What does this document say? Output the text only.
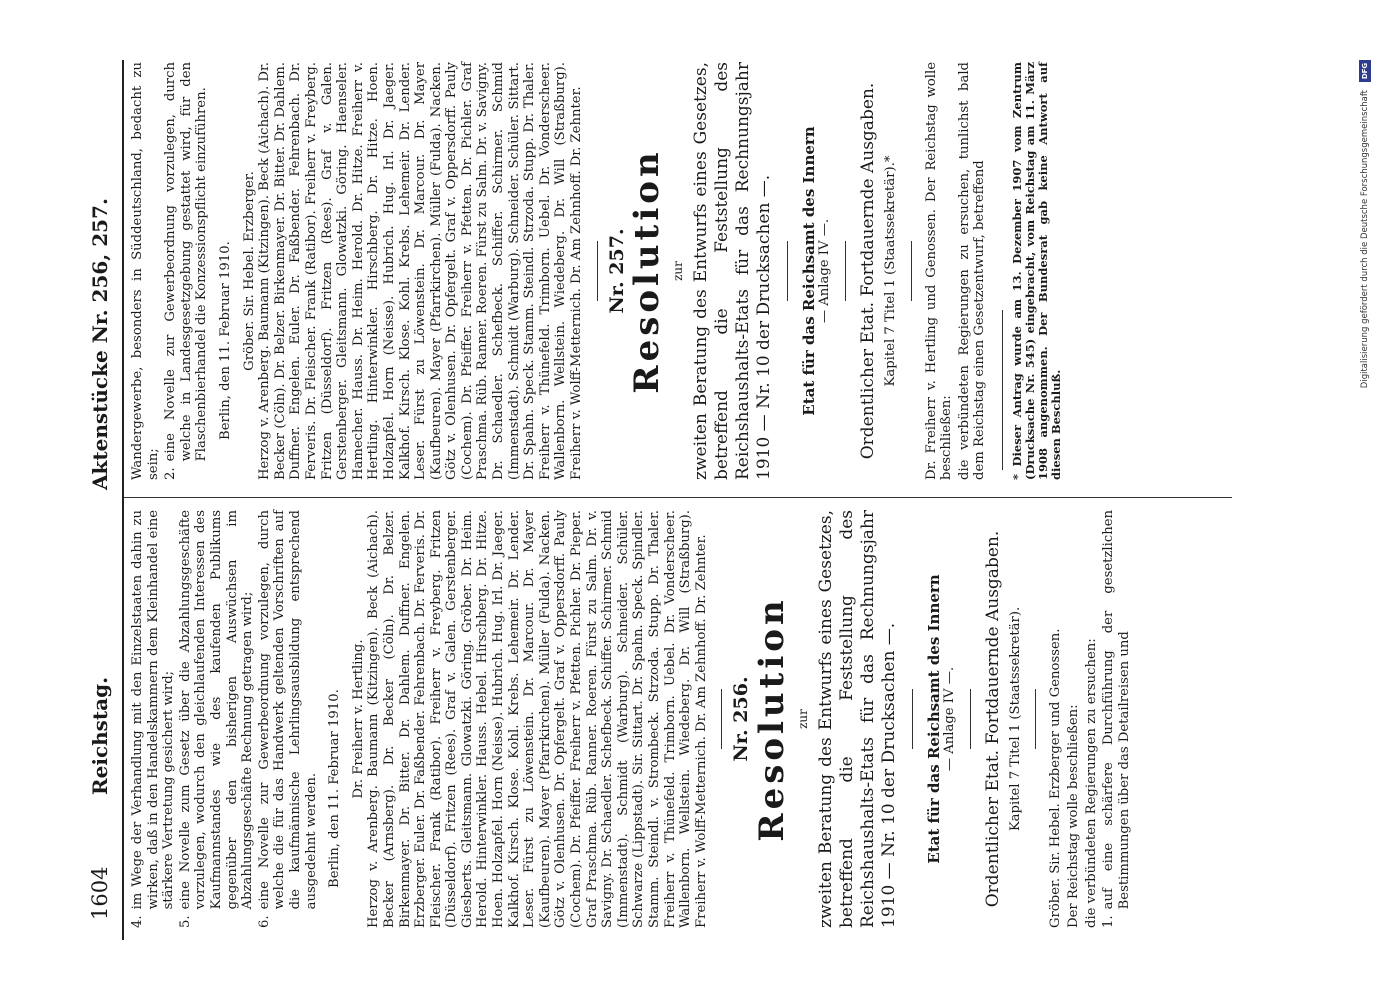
1604
Reichstag.
Aktenstücke Nr. 256, 257.
4.
im Wege der Verhandlung mit den Einzelstaaten dahin zu wirken, daß in den Handelskammern dem Kleinhandel eine stärkere Vertretung gesichert wird;
5.
eine Novelle zum Gesetz über die Abzahlungsgeschäfte vorzulegen, wodurch den gleichlaufenden Interessen des Kaufmannstandes wie des kaufenden Publikums gegenüber den bisherigen Auswüchsen im Abzahlungsgeschäfte Rechnung getragen wird;
6.
eine Novelle zur Gewerbeordnung vorzulegen, durch welche die für das Handwerk geltenden Vorschriften auf die kaufmännische Lehrlingsausbildung entsprechend ausgedehnt werden. Berlin, den 11. Februar 1910. Dr. Freiherr v. Hertling. Herzog v. Arenberg. Baumann (Kitzingen). Beck (Aichach). Becker (Arnsberg). Dr. Becker (Cöln). Dr. Belzer. Birkenmayer. Dr. Bitter. Dr. Dahlem. Duffner. Engelen. Erzberger. Euler. Dr. Faßbender. Fehrenbach. Dr. Ferveris. Dr. Fleischer. Frank (Ratibor). Freiherr v. Freyberg. Fritzen (Düsseldorf). Fritzen (Rees). Graf v. Galen. Gerstenberger. Giesberts. Gleitsmann. Glowatzki. Göring. Gröber. Dr. Heim. Herold. Hinterwinkler. Hauss. Hebel. Hirschberg. Dr. Hitze. Hoen. Holzapfel. Horn (Neisse). Hubrich. Hug. Irl. Dr. Jaeger. Kalkhof. Kirsch. Klose. Kohl. Krebs. Lehemeir. Dr. Lender. Leser. Fürst zu Löwenstein. Dr. Marcour. Dr. Mayer (Kaufbeuren). Mayer (Pfarrkirchen). Müller (Fulda). Nacken. Götz v. Olenhusen. Dr. Opfergelt. Graf v. Oppersdorff. Pauly (Cochem). Dr. Pfeiffer. Freiherr v. Pfetten. Pichler. Dr. Pieper. Graf Praschma. Rüb. Ranner. Roeren. Fürst zu Salm. Dr. v. Savigny. Dr. Schaedler. Schefbeck. Schiffer. Schirmer. Schmid (Immenstadt). Schmidt (Warburg). Schneider. Schüler. Schwarze (Lippstadt). Sir. Sittart. Dr. Spahn. Speck. Spindler. Stamm. Steindl. v. Strombeck. Strzoda. Stupp. Dr. Thaler. Freiherr v. Thünefeld. Trimborn. Uebel. Dr. Vonderscheer. Wallenborn. Wellstein. Wiedeberg. Dr. Will (Straßburg). Freiherr v. Wolff-Metternich. Dr. Am Zehnhoff. Dr. Zehnter. Nr. 256. Resolution zur zweiten Beratung des Entwurfs eines Gesetzes, betreffend die Feststellung des Reichshaushalts-Etats für das Rechnungsjahr 1910 — Nr. 10 der Drucksachen —. Etat für das Reichsamt des Innern — Anlage IV —. Ordentlicher Etat. Fortdauernde Ausgaben. Kapitel 7 Titel 1 (Staatssekretär). Gröber. Sir. Hebel. Erzberger und Genossen. Der Reichstag wolle beschließen: die verbündeten Regierungen zu ersuchen: 1.
auf eine schärfere Durchführung der gesetzlichen Bestimmungen über das Detailreisen und

Wandergewerbe, besonders in Süddeutschland, bedacht zu sein; 2.
eine Novelle zur Gewerbeordnung vorzulegen, durch welche in Landesgesetzgebung gestattet wird, für den Flaschenbierhandel die Konzessionspflicht einzuführen. Berlin, den 11. Februar 1910. Gröber. Sir. Hebel. Erzberger. Herzog v. Arenberg. Baumann (Kitzingen). Beck (Aichach). Dr. Becker (Cöln). Dr. Belzer. Birkenmayer. Dr. Bitter. Dr. Dahlem. Duffner. Engelen. Euler. Dr. Faßbender. Fehrenbach. Dr. Ferveris. Dr. Fleischer. Frank (Ratibor). Freiherr v. Freyberg. Fritzen (Düsseldorf). Fritzen (Rees). Graf v. Galen. Gerstenberger. Gleitsmann. Glowatzki. Göring. Haenseler. Hamecher. Hauss. Dr. Heim. Herold. Dr. Hitze. Freiherr v. Hertling. Hinterwinkler. Hirschberg. Dr. Hitze. Hoen. Holzapfel. Horn (Neisse). Hubrich. Hug. Irl. Dr. Jaeger. Kalkhof. Kirsch. Klose. Kohl. Krebs. Lehemeir. Dr. Lender. Leser. Fürst zu Löwenstein. Dr. Marcour. Dr. Mayer (Kaufbeuren). Mayer (Pfarrkirchen). Müller (Fulda). Nacken. Götz v. Olenhusen. Dr. Opfergelt. Graf v. Oppersdorff. Pauly (Cochem). Dr. Pfeiffer. Freiherr v. Pfetten. Dr. Pichler. Graf Praschma. Rüb. Ranner. Roeren. Fürst zu Salm. Dr. v. Savigny. Dr. Schaedler. Schefbeck. Schiffer. Schirmer. Schmid (Immenstadt). Schmidt (Warburg). Schneider. Schüler. Sittart. Dr. Spahn. Speck. Stamm. Steindl. Strzoda. Stupp. Dr. Thaler. Freiherr v. Thünefeld. Trimborn. Uebel. Dr. Vonderscheer. Wallenborn. Wellstein. Wiedeberg. Dr. Will (Straßburg). Freiherr v. Wolff-Metternich. Dr. Am Zehnhoff. Dr. Zehnter. Nr. 257. Resolution zur zweiten Beratung des Entwurfs eines Gesetzes, betreffend die Feststellung des Reichshaushalts-Etats für das Rechnungsjahr 1910 — Nr. 10 der Drucksachen —. Etat für das Reichsamt des Innern — Anlage IV —. Ordentlicher Etat. Fortdauernde Ausgaben. Kapitel 7 Titel 1 (Staatssekretär).* Dr. Freiherr v. Hertling und Genossen. Der Reichstag wolle beschließen: die verbündeten Regierungen zu ersuchen, tunlichst bald dem Reichstag einen Gesetzentwurf, betreffend * Dieser Antrag wurde am 13. Dezember 1907 vom Zentrum (Drucksache Nr. 545) eingebracht, vom Reichstag am 11. März 1908 angenommen. Der Bundesrat gab keine Antwort auf diesen Beschluß.

Digitalisierung gefördert durch die Deutsche Forschungsgemeinschaft
DFG
